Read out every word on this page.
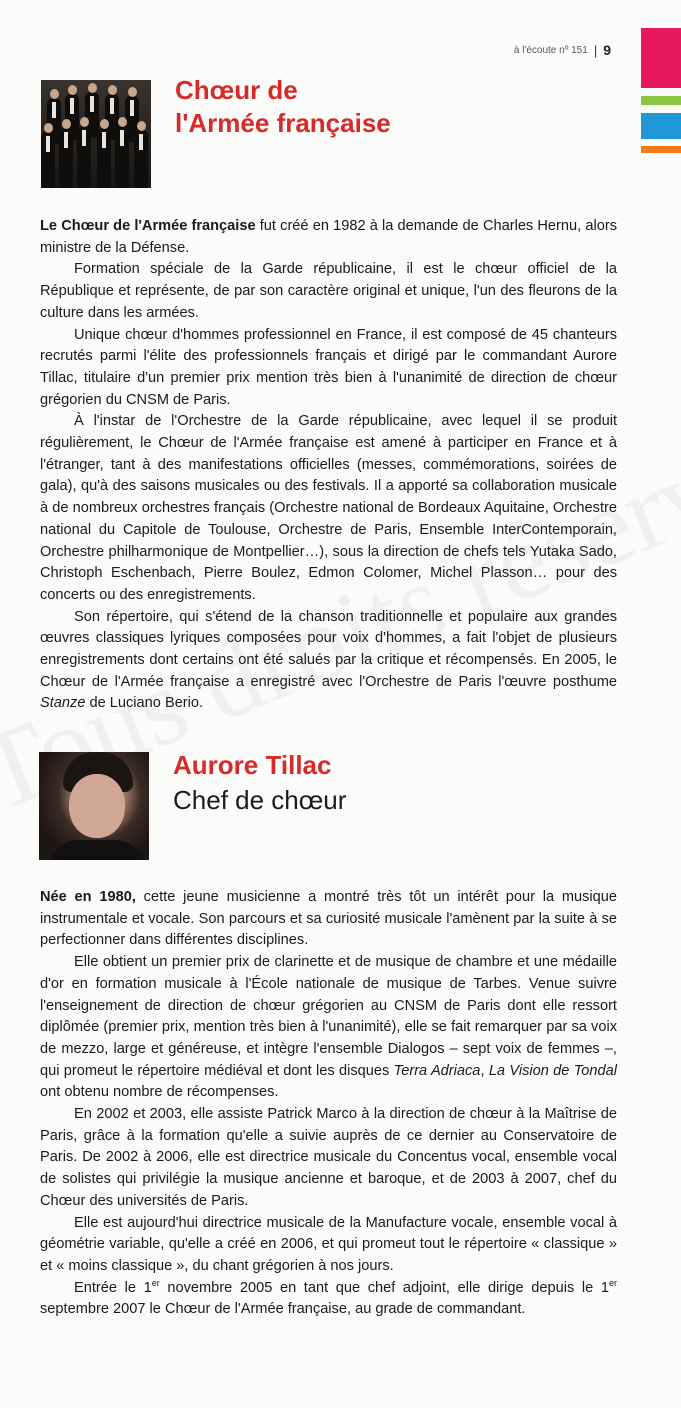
à l'écoute nº 151 | 9
Chœur de
l'Armée française

Le Chœur de l'Armée française fut créé en 1982 à la demande de Charles Hernu, alors ministre de la Défense.

Formation spéciale de la Garde républicaine, il est le chœur officiel de la République et représente, de par son caractère original et unique, l'un des fleurons de la culture dans les armées.

Unique chœur d'hommes professionnel en France, il est composé de 45 chanteurs recrutés parmi l'élite des professionnels français et dirigé par le commandant Aurore Tillac, titulaire d'un premier prix mention très bien à l'unanimité de direction de chœur grégorien du CNSM de Paris.

À l'instar de l'Orchestre de la Garde républicaine, avec lequel il se produit régulièrement, le Chœur de l'Armée française est amené à participer en France et à l'étranger, tant à des manifestations officielles (messes, commémorations, soirées de gala), qu'à des saisons musicales ou des festivals. Il a apporté sa collaboration musicale à de nombreux orchestres français (Orchestre national de Bordeaux Aquitaine, Orchestre national du Capitole de Toulouse, Orchestre de Paris, Ensemble InterContemporain, Orchestre philharmonique de Montpellier…), sous la direction de chefs tels Yutaka Sado, Christoph Eschenbach, Pierre Boulez, Edmon Colomer, Michel Plasson… pour des concerts ou des enregistrements.

Son répertoire, qui s'étend de la chanson traditionnelle et populaire aux grandes œuvres classiques lyriques composées pour voix d'hommes, a fait l'objet de plusieurs enregistrements dont certains ont été salués par la critique et récompensés. En 2005, le Chœur de l'Armée française a enregistré avec l'Orchestre de Paris l'œuvre posthume Stanze de Luciano Berio.

Aurore Tillac

Chef de chœur

Née en 1980, cette jeune musicienne a montré très tôt un intérêt pour la musique instrumentale et vocale. Son parcours et sa curiosité musicale l'amènent par la suite à se perfectionner dans différentes disciplines.

Elle obtient un premier prix de clarinette et de musique de chambre et une médaille d'or en formation musicale à l'École nationale de musique de Tarbes. Venue suivre l'enseignement de direction de chœur grégorien au CNSM de Paris dont elle ressort diplômée (premier prix, mention très bien à l'unanimité), elle se fait remarquer par sa voix de mezzo, large et généreuse, et intègre l'ensemble Dialogos – sept voix de femmes –, qui promeut le répertoire médiéval et dont les disques Terra Adriaca, La Vision de Tondal ont obtenu nombre de récompenses.

En 2002 et 2003, elle assiste Patrick Marco à la direction de chœur à la Maîtrise de Paris, grâce à la formation qu'elle a suivie auprès de ce dernier au Conservatoire de Paris. De 2002 à 2006, elle est directrice musicale du Concentus vocal, ensemble vocal de solistes qui privilégie la musique ancienne et baroque, et de 2003 à 2007, chef du Chœur des universités de Paris.

Elle est aujourd'hui directrice musicale de la Manufacture vocale, ensemble vocal à géométrie variable, qu'elle a créé en 2006, et qui promeut tout le répertoire « classique » et « moins classique », du chant grégorien à nos jours.

Entrée le 1er novembre 2005 en tant que chef adjoint, elle dirige depuis le 1er septembre 2007 le Chœur de l'Armée française, au grade de commandant.
